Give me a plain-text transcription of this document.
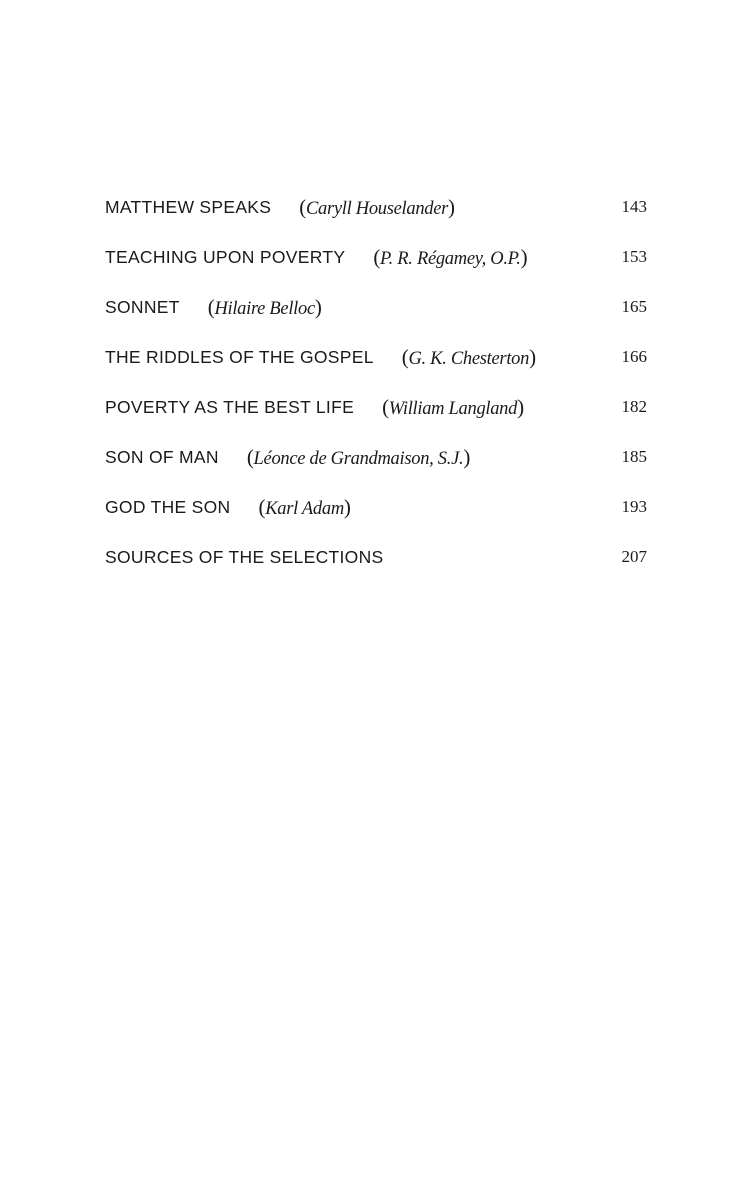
MATTHEW SPEAKS (Caryll Houselander)	143
TEACHING UPON POVERTY (P. R. Régamey, O.P.)	153
SONNET (Hilaire Belloc)	165
THE RIDDLES OF THE GOSPEL (G. K. Chesterton)	166
POVERTY AS THE BEST LIFE (William Langland)	182
SON OF MAN (Léonce de Grandmaison, S.J.)	185
GOD THE SON (Karl Adam)	193
SOURCES OF THE SELECTIONS	207
